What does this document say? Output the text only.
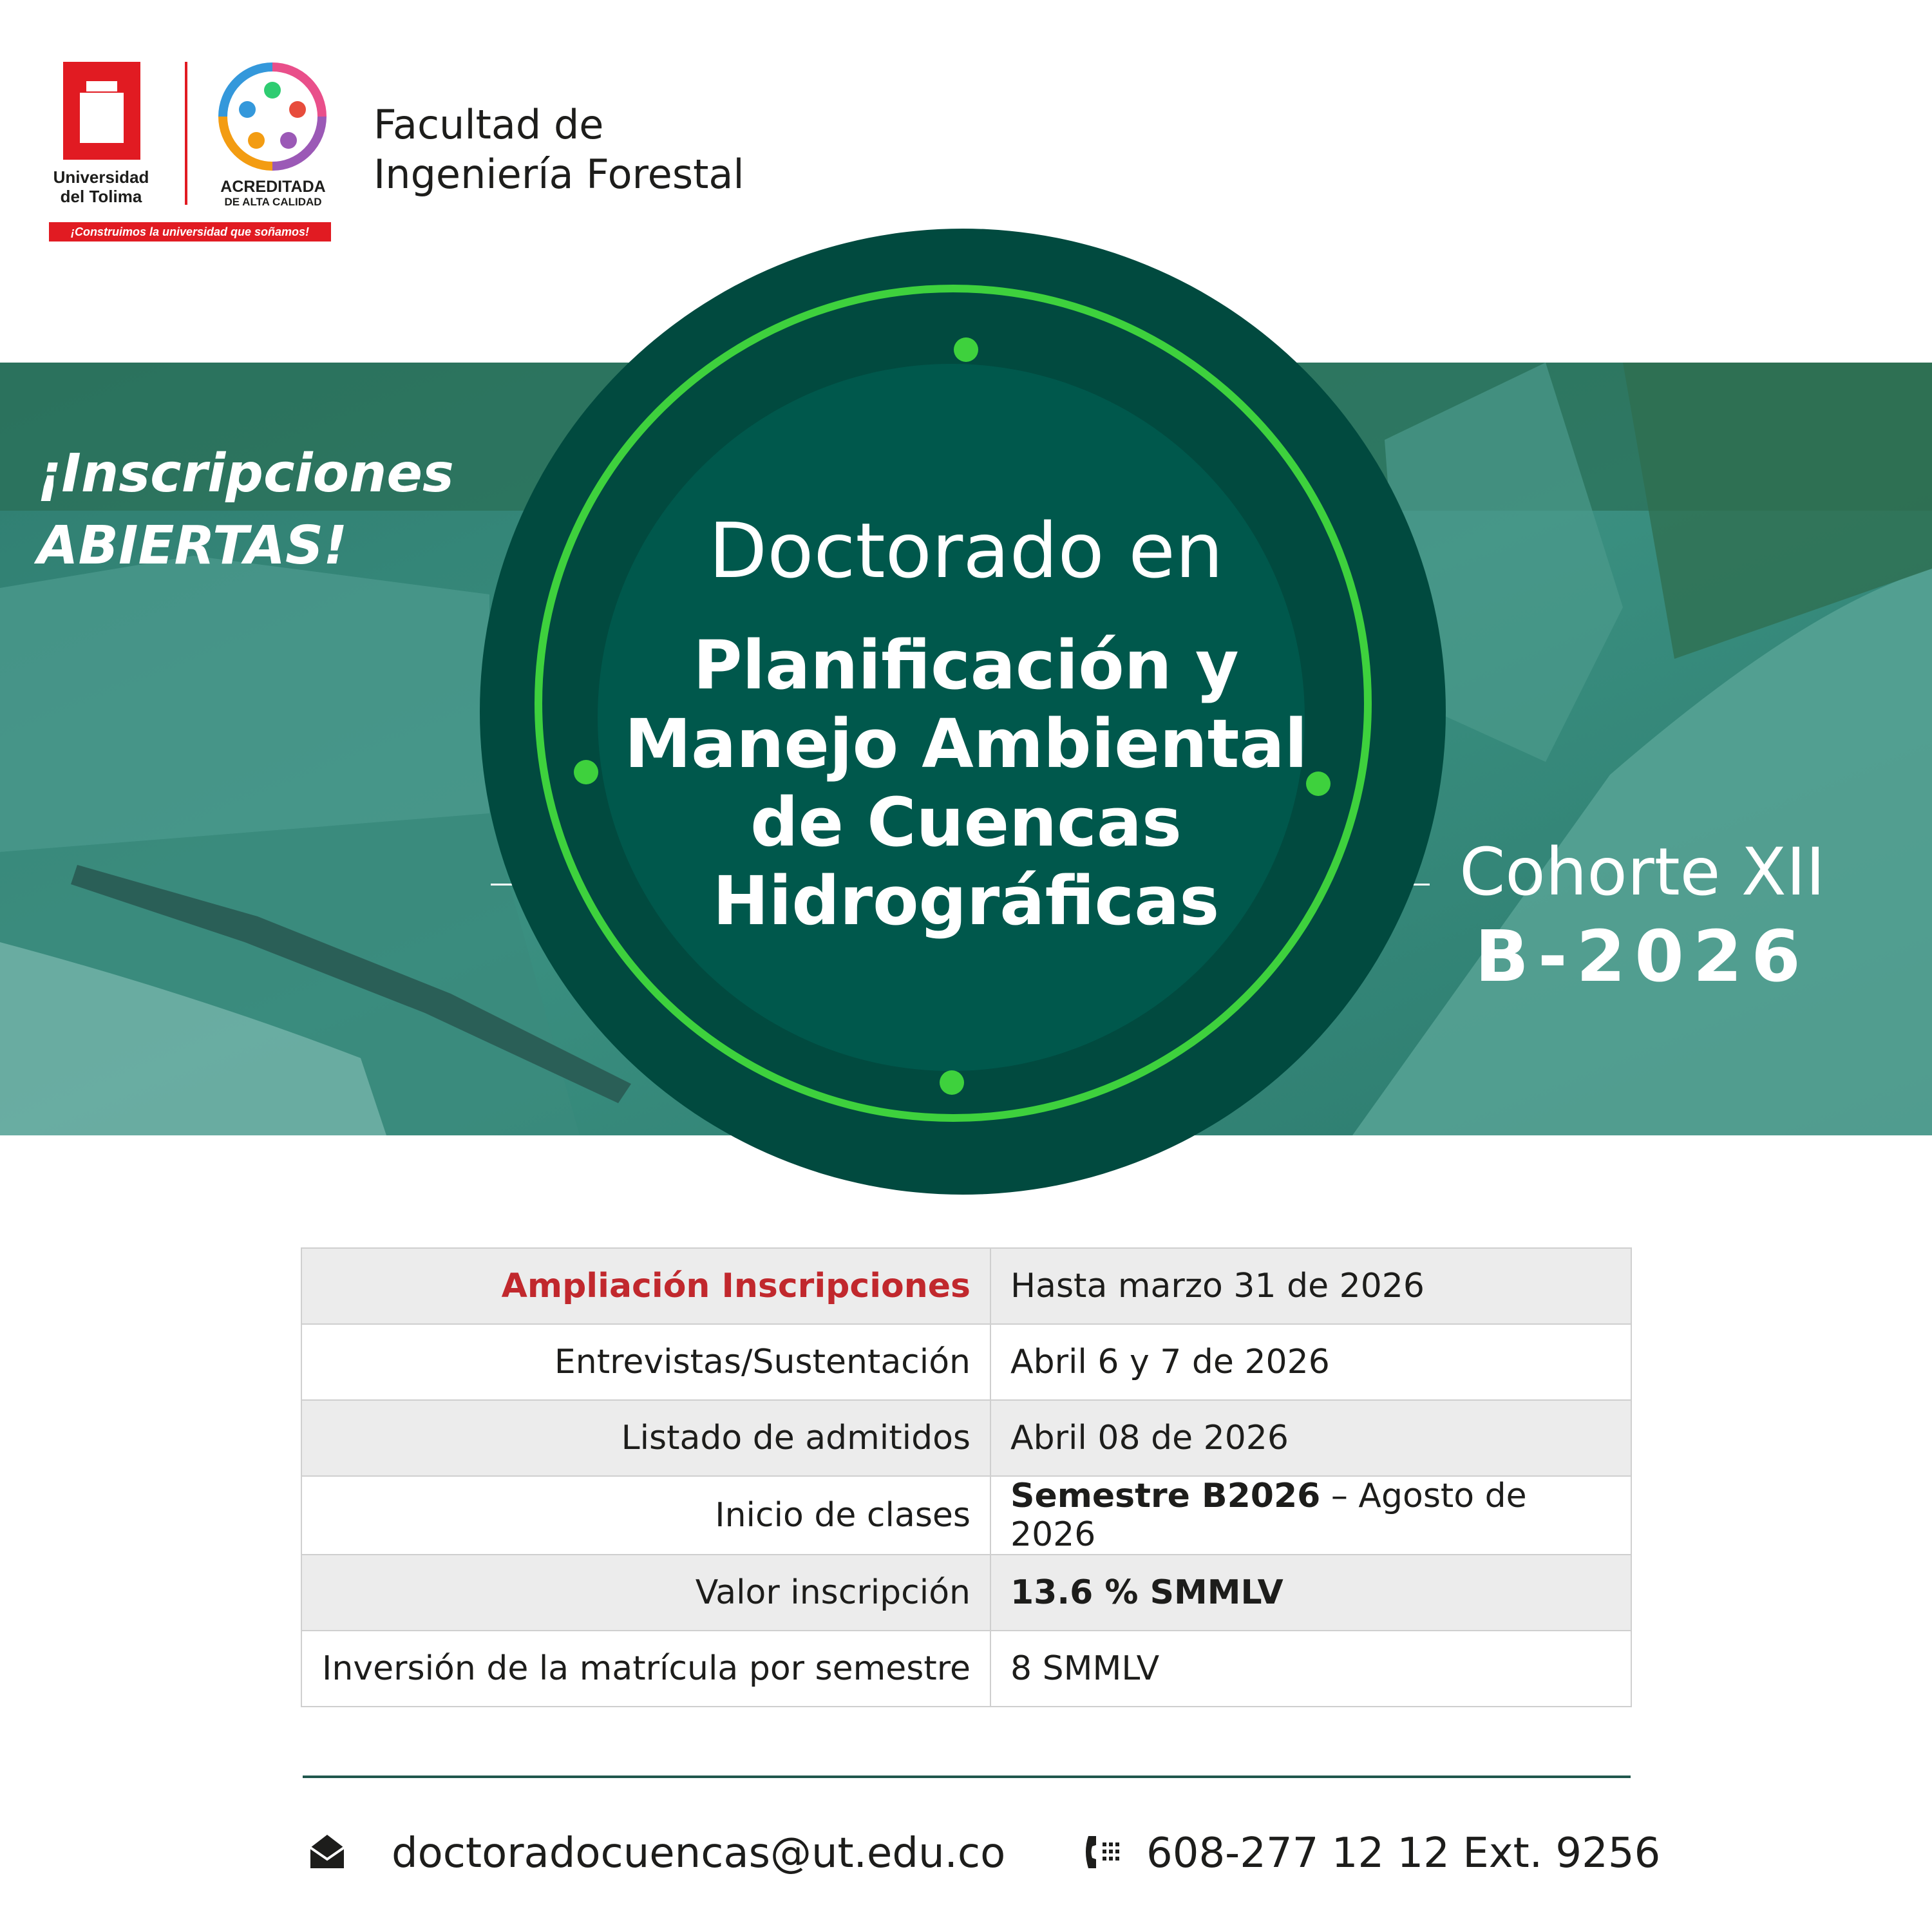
Universidad
del Tolima	ACREDITADA
DE ALTA CALIDAD
¡Construimos la universidad que soñamos!
Facultad de
Ingeniería Forestal
¡Inscripciones
ABIERTAS!
Cohorte XII
B-2026
Doctorado en
Planificación y
Manejo Ambiental
de Cuencas
Hidrográficas
Ampliación Inscripciones	Hasta marzo 31 de 2026
Entrevistas/Sustentación	Abril 6 y 7 de 2026
Listado de admitidos	Abril 08 de 2026
Inicio de clases	Semestre B2026 – Agosto de 2026
Valor inscripción	13.6 % SMMLV
Inversión de la matrícula por semestre	8 SMMLV
doctoradocuencas@ut.edu.co	608-277 12 12 Ext. 9256
